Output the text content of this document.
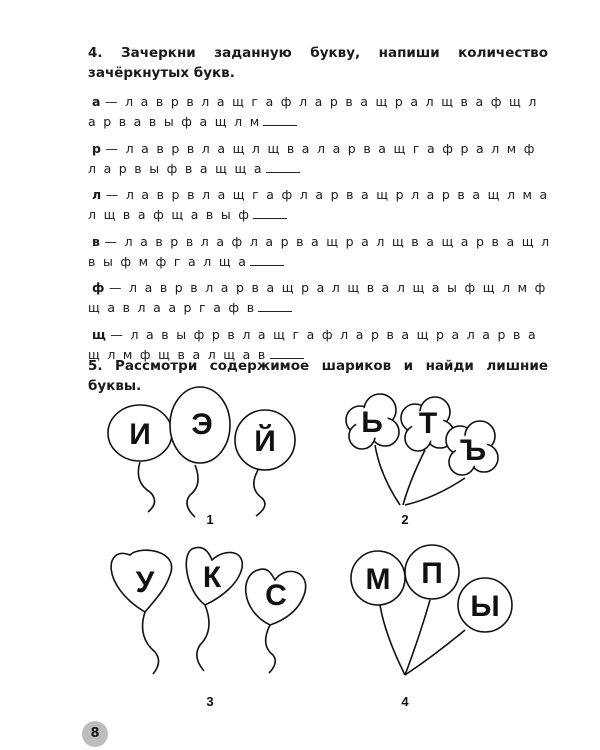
4. Зачеркни заданную букву, напиши количество зачёркнутых букв.
а — л а в р в л а щ г а ф л а р в а щ р а л щ в а ф щ л а р в а в ы ф а щ л м
р — л а в р в л а щ л щ в а л а р в а щ г а ф р а л м ф л а р в ы ф в а щ щ а
л — л а в р в л а щ г а ф л а р в а щ р л а р в а щ л м а л щ в а ф щ а в ы ф
в — л а в р в л а ф л а р в а щ р а л щ в а щ а р в а щ л в ы ф м ф г а л щ а
ф — л а в р в л а р в а щ р а л щ в а л щ а ы ф щ л м ф щ а в л а а р г а ф в
щ — л а в ы ф р в л а щ г а ф л а р в а щ р а л а р в а щ л м ф щ в а л щ а в
5. Рассмотри содержимое шариков и найди лишние буквы.
И Э
Й
1
Ь Т
Ъ
2
У К
С
3
М П
Ы
4
8
